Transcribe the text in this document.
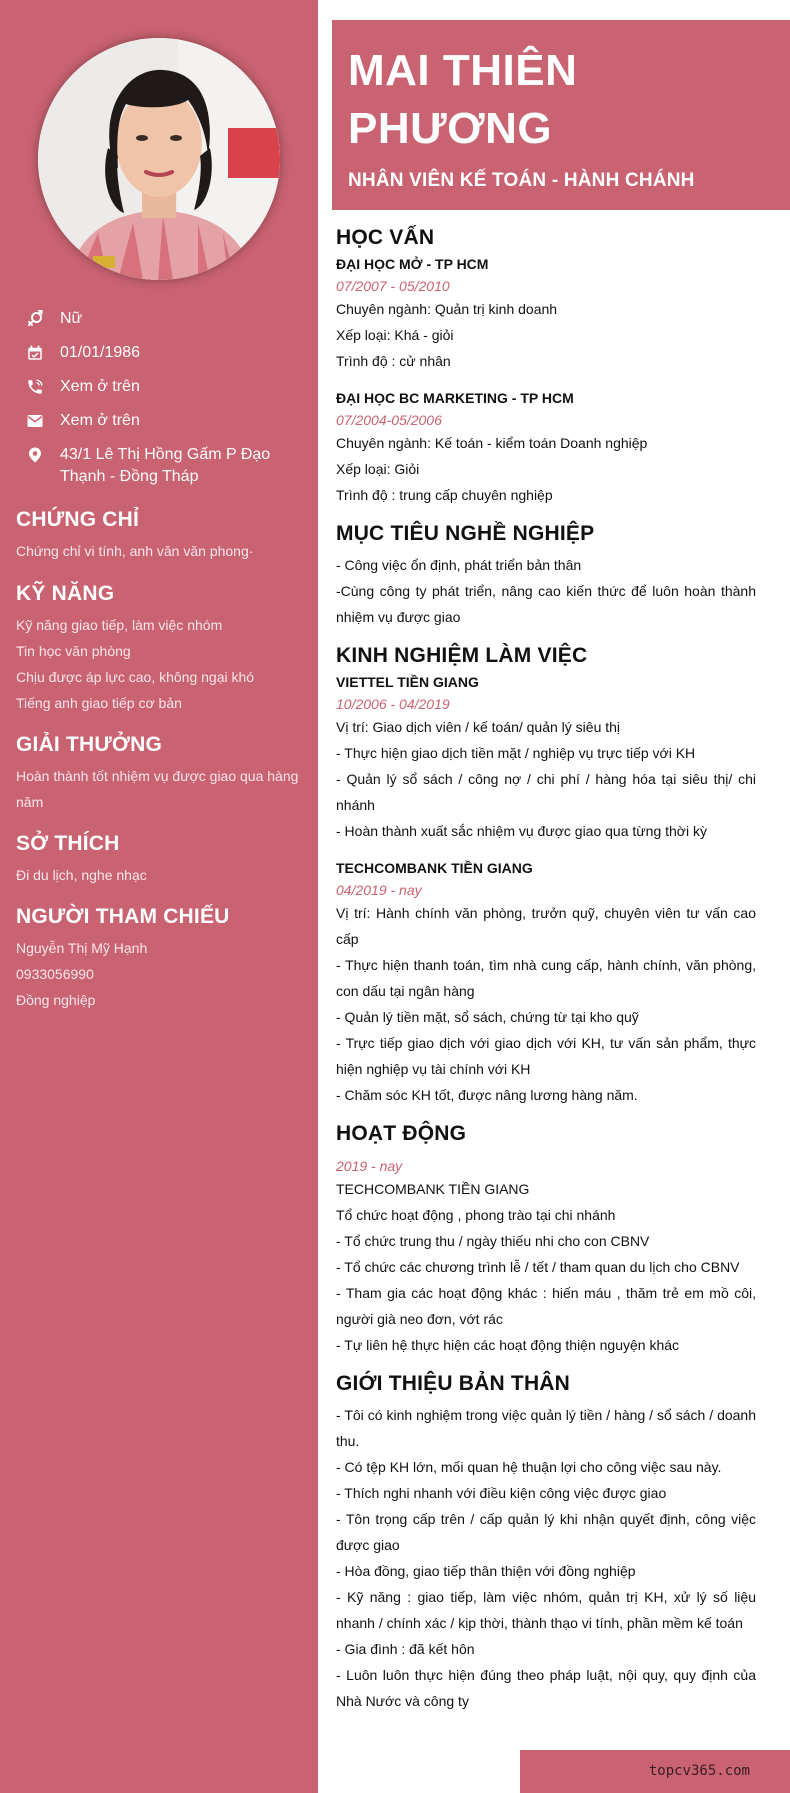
Nữ
01/01/1986
Xem ở trên
Xem ở trên
43/1 Lê Thị Hồng Gấm P Đạo Thạnh - Đồng Tháp
CHỨNG CHỈ
Chứng chỉ vi tính, anh văn văn phong·
KỸ NĂNG
Kỹ năng giao tiếp, làm việc nhóm
Tin học văn phòng
Chịu được áp lực cao, không ngại khó
Tiếng anh giao tiếp cơ bản
GIẢI THƯỞNG
Hoàn thành tốt nhiệm vụ được giao qua hàng năm
SỞ THÍCH
Đi du lịch, nghe nhạc
NGƯỜI THAM CHIẾU
Nguyễn Thị Mỹ Hạnh
0933056990
Đồng nghiệp
MAI THIÊN
PHƯƠNG
NHÂN VIÊN KẾ TOÁN - HÀNH CHÁNH
HỌC VẤN
ĐẠI HỌC MỞ - TP HCM
07/2007 - 05/2010
Chuyên ngành: Quản trị kinh doanh
Xếp loại: Khá - giỏi
Trình độ : cử nhân
ĐẠI HỌC BC MARKETING - TP HCM
07/2004-05/2006
Chuyên ngành: Kế toán - kiểm toán Doanh nghiệp
Xếp loại: Giỏi
Trình độ : trung cấp chuyên nghiệp
MỤC TIÊU NGHỀ NGHIỆP
- Công việc ổn định, phát triển bản thân
-Cùng công ty phát triển, nâng cao kiến thức để luôn hoàn thành nhiệm vụ được giao
KINH NGHIỆM LÀM VIỆC
VIETTEL TIỀN GIANG
10/2006 - 04/2019
Vị trí: Giao dịch viên / kế toán/ quản lý siêu thị
- Thực hiện giao dịch tiền mặt / nghiệp vụ trực tiếp với KH
- Quản lý sổ sách / công nợ / chi phí / hàng hóa tại siêu thị/ chi nhánh
- Hoàn thành xuất sắc nhiệm vụ được giao qua từng thời kỳ
TECHCOMBANK TIỀN GIANG
04/2019 - nay
Vị trí: Hành chính văn phòng, trưởn quỹ, chuyên viên tư vấn cao cấp
- Thực hiện thanh toán, tìm nhà cung cấp, hành chính, văn phòng, con dấu tại ngân hàng
- Quản lý tiền mặt, sổ sách, chứng từ tại kho quỹ
- Trực tiếp giao dịch với giao dịch với KH, tư vấn sản phẩm, thực hiện nghiệp vụ tài chính với KH
- Chăm sóc KH tốt, được nâng lương hàng năm.
HOẠT ĐỘNG
2019 - nay
TECHCOMBANK TIỀN GIANG
Tổ chức hoạt động , phong trào tại chi nhánh
- Tổ chức trung thu / ngày thiếu nhi cho con CBNV
- Tổ chức các chương trình lễ / tết / tham quan du lịch cho CBNV
- Tham gia các hoạt động khác : hiến máu , thăm trẻ em mồ côi, người già neo đơn, vớt rác
- Tự liên hệ thực hiện các hoạt động thiện nguyện khác
GIỚI THIỆU BẢN THÂN
- Tôi có kinh nghiệm trong việc quản lý tiền / hàng / sổ sách / doanh thu.
- Có tệp KH lớn, mối quan hệ thuận lợi cho công việc sau này.
- Thích nghi nhanh với điều kiện công việc được giao
- Tôn trọng cấp trên / cấp quản lý khi nhận quyết định, công việc được giao
- Hòa đồng, giao tiếp thân thiện với đồng nghiệp
- Kỹ năng : giao tiếp, làm việc nhóm, quản trị KH, xử lý số liệu nhanh / chính xác / kịp thời, thành thạo vi tính, phần mềm kế toán
- Gia đình : đã kết hôn
- Luôn luôn thực hiện đúng theo pháp luật, nội quy, quy định của Nhà Nước và công ty
topcv365.com
